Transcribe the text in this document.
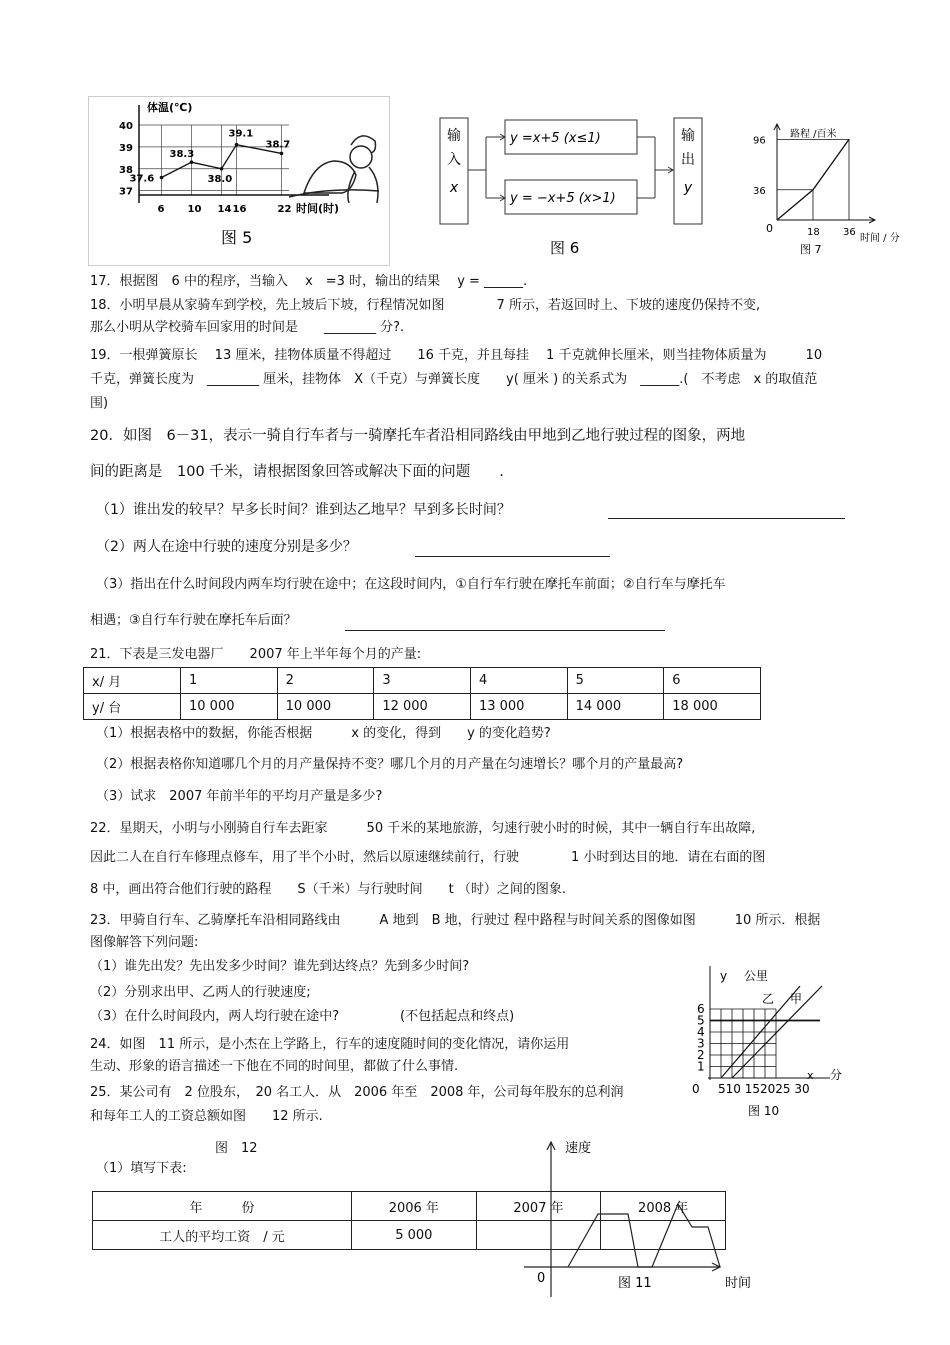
40
39
38
37
6 10 14 16	22
37.6
38.3
38.0
39.1
38.7
体温(℃)
时间(时)
图 5
输
入
x
y =x+5 (x≤1)
y = −x+5 (x>1)
输
出
y
图 6
路程 /百米
时间 / 分
0
图 7
96
36
18 36
17．根据图　6 中的程序，当输入　 x　=3 时，输出的结果　 y = ______.
18．小明早晨从家骑车到学校，先上坡后下坡，行程情况如图　　　　7 所示，若返回时上、下坡的速度仍保持不变,
那么小明从学校骑车回家用的时间是　　________ 分?.
19．一根弹簧原长　 13 厘米，挂物体质量不得超过　　16 千克，并且每挂　 1 千克就伸长厘米，则当挂物体质量为　　　10
千克，弹簧长度为　________ 厘米，挂物体　X（千克）与弹簧长度　　y( 厘米 ) 的关系式为　______.(　不考虑　x 的取值范
围)
20．如图　6－31，表示一骑自行车者与一骑摩托车者沿相同路线由甲地到乙地行驶过程的图象，两地
间的距离是　100 千米，请根据图象回答或解决下面的问题　　.
（1）谁出发的较早？早多长时间？谁到达乙地早？早到多长时间？
（2）两人在途中行驶的速度分别是多少？
（3）指出在什么时间段内两车均行驶在途中；在这段时间内，①自行车行驶在摩托车前面；②自行车与摩托车
相遇；③自行车行驶在摩托车后面？
21．下表是三发电器厂　　2007 年上半年每个月的产量:
x/ 月	1	2	3	4	5	6
y/ 台	10 000	10 000	12 000	13 000	14 000	18 000
（1）根据表格中的数据，你能否根据　　　x 的变化，得到　　y 的变化趋势?
（2）根据表格你知道哪几个月的月产量保持不变？哪几个月的月产量在匀速增长？哪个月的产量最高?
（3）试求　2007 年前半年的平均月产量是多少?
22．星期天，小明与小刚骑自行车去距家　　　50 千米的某地旅游，匀速行驶小时的时候，其中一辆自行车出故障,
因此二人在自行车修理点修车，用了半个小时，然后以原速继续前行，行驶　　　　1 小时到达目的地．请在右面的图
8 中，画出符合他们行驶的路程　　S（千米）与行驶时间　　t （时）之间的图象.
23．甲骑自行车、乙骑摩托车沿相同路线由　　　A 地到　B 地，行驶过 程中路程与时间关系的图像如图　　　10 所示．根据
图像解答下列问题:
（1）谁先出发？先出发多少时间？谁先到达终点？先到多少时间?
（2）分别求出甲、乙两人的行驶速度;
（3）在什么时间段内，两人均行驶在途中?	(不包括起点和终点)
y 公里
乙 甲
x 分
0 510 152025 30
图 10
6
5
4
3
2
1
24．如图　11 所示，是小杰在上学路上，行车的速度随时间的变化情况，请你运用
生动、形象的语言描述一下他在不同的时间里，都做了什么事情.
25．某公司有　2 位股东，　20 名工人．从　2006 年至　2008 年，公司每年股东的总利润
和每年工人的工资总额如图　　12 所示.
图　12
（1）填写下表:
速度
时间
0	图 11
年　　　份	2006 年	2007 年	2008 年
工人的平均工资　/ 元	5 000		
